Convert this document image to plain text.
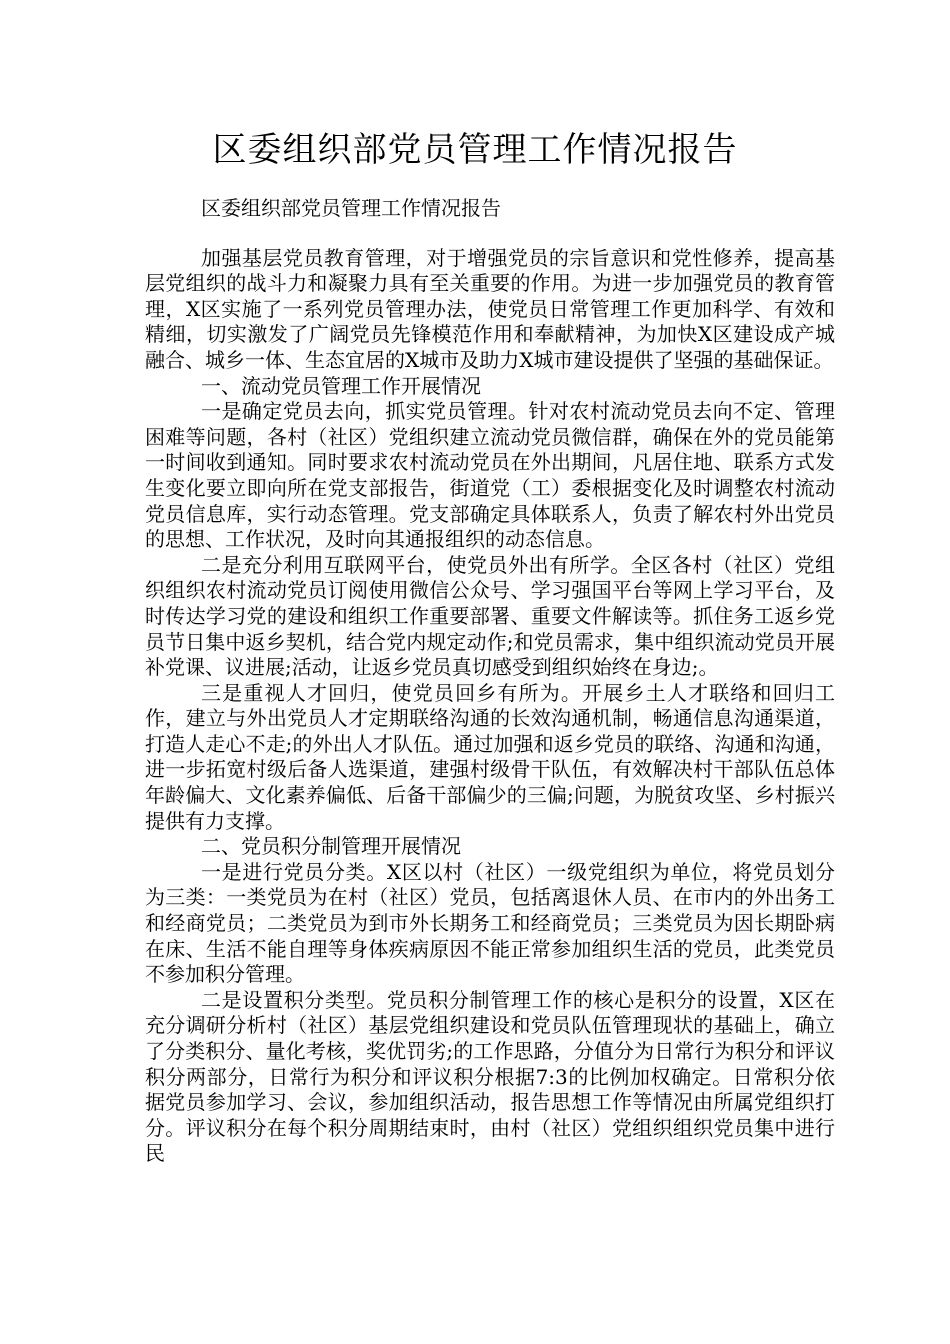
区委组织部党员管理工作情况报告

区委组织部党员管理工作情况报告

加强基层党员教育管理，对于增强党员的宗旨意识和党性修养，提高基层党组织的战斗力和凝聚力具有至关重要的作用。为进一步加强党员的教育管理，X区实施了一系列党员管理办法，使党员日常管理工作更加科学、有效和精细，切实激发了广阔党员先锋模范作用和奉献精神，为加快X区建设成产城融合、城乡一体、生态宜居的X城市及助力X城市建设提供了坚强的基础保证。

一、流动党员管理工作开展情况

一是确定党员去向，抓实党员管理。针对农村流动党员去向不定、管理困难等问题，各村（社区）党组织建立流动党员微信群，确保在外的党员能第一时间收到通知。同时要求农村流动党员在外出期间，凡居住地、联系方式发生变化要立即向所在党支部报告，街道党（工）委根据变化及时调整农村流动党员信息库，实行动态管理。党支部确定具体联系人，负责了解农村外出党员的思想、工作状况，及时向其通报组织的动态信息。

二是充分利用互联网平台，使党员外出有所学。全区各村（社区）党组织组织农村流动党员订阅使用微信公众号、学习强国平台等网上学习平台，及时传达学习党的建设和组织工作重要部署、重要文件解读等。抓住务工返乡党员节日集中返乡契机，结合党内规定动作;和党员需求，集中组织流动党员开展补党课、议进展;活动，让返乡党员真切感受到组织始终在身边;。

三是重视人才回归，使党员回乡有所为。开展乡土人才联络和回归工作，建立与外出党员人才定期联络沟通的长效沟通机制，畅通信息沟通渠道，打造人走心不走;的外出人才队伍。通过加强和返乡党员的联络、沟通和沟通，进一步拓宽村级后备人选渠道，建强村级骨干队伍，有效解决村干部队伍总体年龄偏大、文化素养偏低、后备干部偏少的三偏;问题，为脱贫攻坚、乡村振兴提供有力支撑。

二、党员积分制管理开展情况

一是进行党员分类。X区以村（社区）一级党组织为单位，将党员划分为三类：一类党员为在村（社区）党员，包括离退休人员、在市内的外出务工和经商党员；二类党员为到市外长期务工和经商党员；三类党员为因长期卧病在床、生活不能自理等身体疾病原因不能正常参加组织生活的党员，此类党员不参加积分管理。

二是设置积分类型。党员积分制管理工作的核心是积分的设置，X区在充分调研分析村（社区）基层党组织建设和党员队伍管理现状的基础上，确立了分类积分、量化考核，奖优罚劣;的工作思路，分值分为日常行为积分和评议积分两部分，日常行为积分和评议积分根据7:3的比例加权确定。日常积分依据党员参加学习、会议，参加组织活动，报告思想工作等情况由所属党组织打分。评议积分在每个积分周期结束时，由村（社区）党组织组织党员集中进行民
